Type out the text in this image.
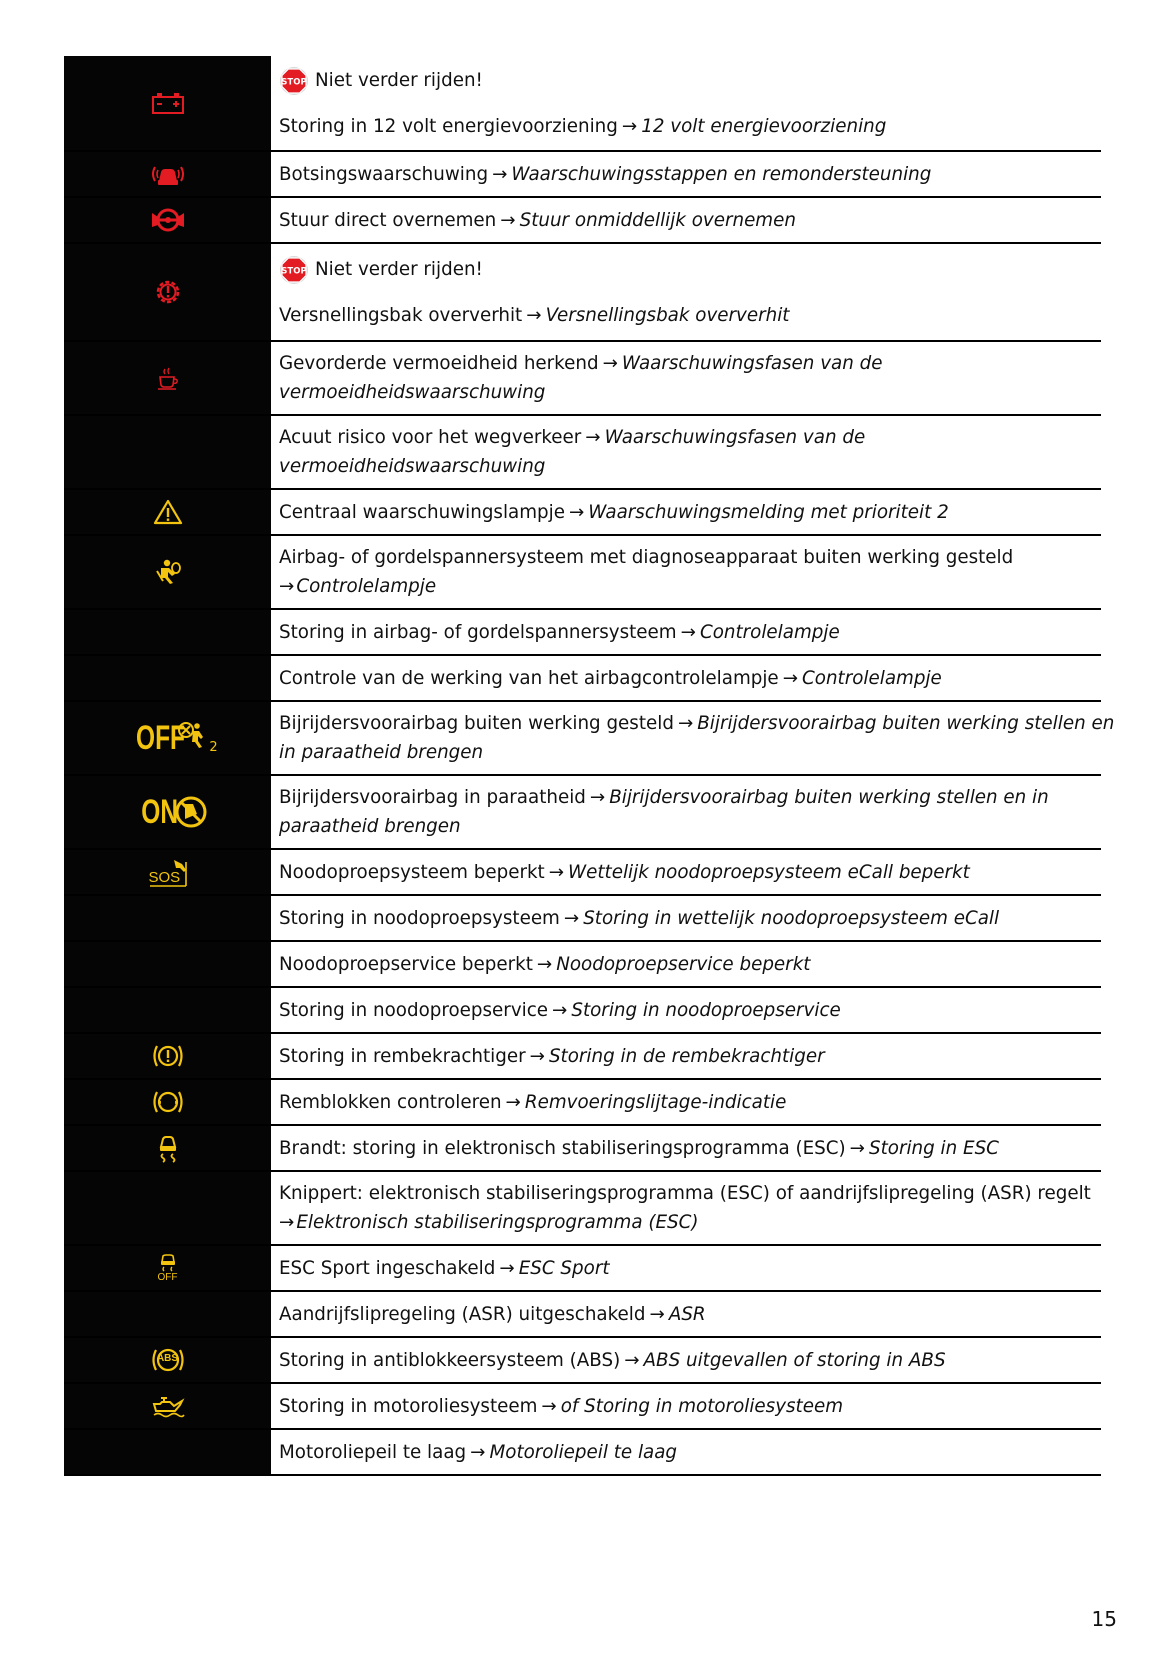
STOP Niet verder rijden!
Storing in 12 volt energievoorziening → 12 volt energievoorziening
Botsingswaarschuwing → Waarschuwingsstappen en remondersteuning
Stuur direct overnemen → Stuur onmiddellijk overnemen
STOP Niet verder rijden!
Versnellingsbak oververhit → Versnellingsbak oververhit
Gevorderde vermoeidheid herkend → Waarschuwingsfasen van de
vermoeidheidswaarschuwing
Acuut risico voor het wegverkeer → Waarschuwingsfasen van de
vermoeidheidswaarschuwing
Centraal waarschuwingslampje → Waarschuwingsmelding met prioriteit 2
Airbag- of gordelspannersysteem met diagnoseapparaat buiten werking gesteld
→ Controlelampje
Storing in airbag- of gordelspannersysteem → Controlelampje
Controle van de werking van het airbagcontrolelampje → Controlelampje
OFF 2
Bijrijdersvoorairbag buiten werking gesteld → Bijrijdersvoorairbag buiten werking stellen en
in paraatheid brengen
ON	Bijrijdersvoorairbag in paraatheid → Bijrijdersvoorairbag buiten werking stellen en in
paraatheid brengen
SOS	Noodoproepsysteem beperkt → Wettelijk noodoproepsysteem eCall beperkt
Storing in noodoproepsysteem → Storing in wettelijk noodoproepsysteem eCall
Noodoproepservice beperkt → Noodoproepservice beperkt
Storing in noodoproepservice → Storing in noodoproepservice
Storing in rembekrachtiger → Storing in de rembekrachtiger
Remblokken controleren → Remvoeringslijtage-indicatie
Brandt: storing in elektronisch stabiliseringsprogramma (ESC) → Storing in ESC
Knippert: elektronisch stabiliseringsprogramma (ESC) of aandrijfslipregeling (ASR) regelt
→ Elektronisch stabiliseringsprogramma (ESC)
OFF	ESC Sport ingeschakeld → ESC Sport
Aandrijfslipregeling (ASR) uitgeschakeld → ASR
ABS	Storing in antiblokkeersysteem (ABS) → ABS uitgevallen of storing in ABS
Storing in motoroliesysteem → of Storing in motoroliesysteem
Motoroliepeil te laag → Motoroliepeil te laag
15
